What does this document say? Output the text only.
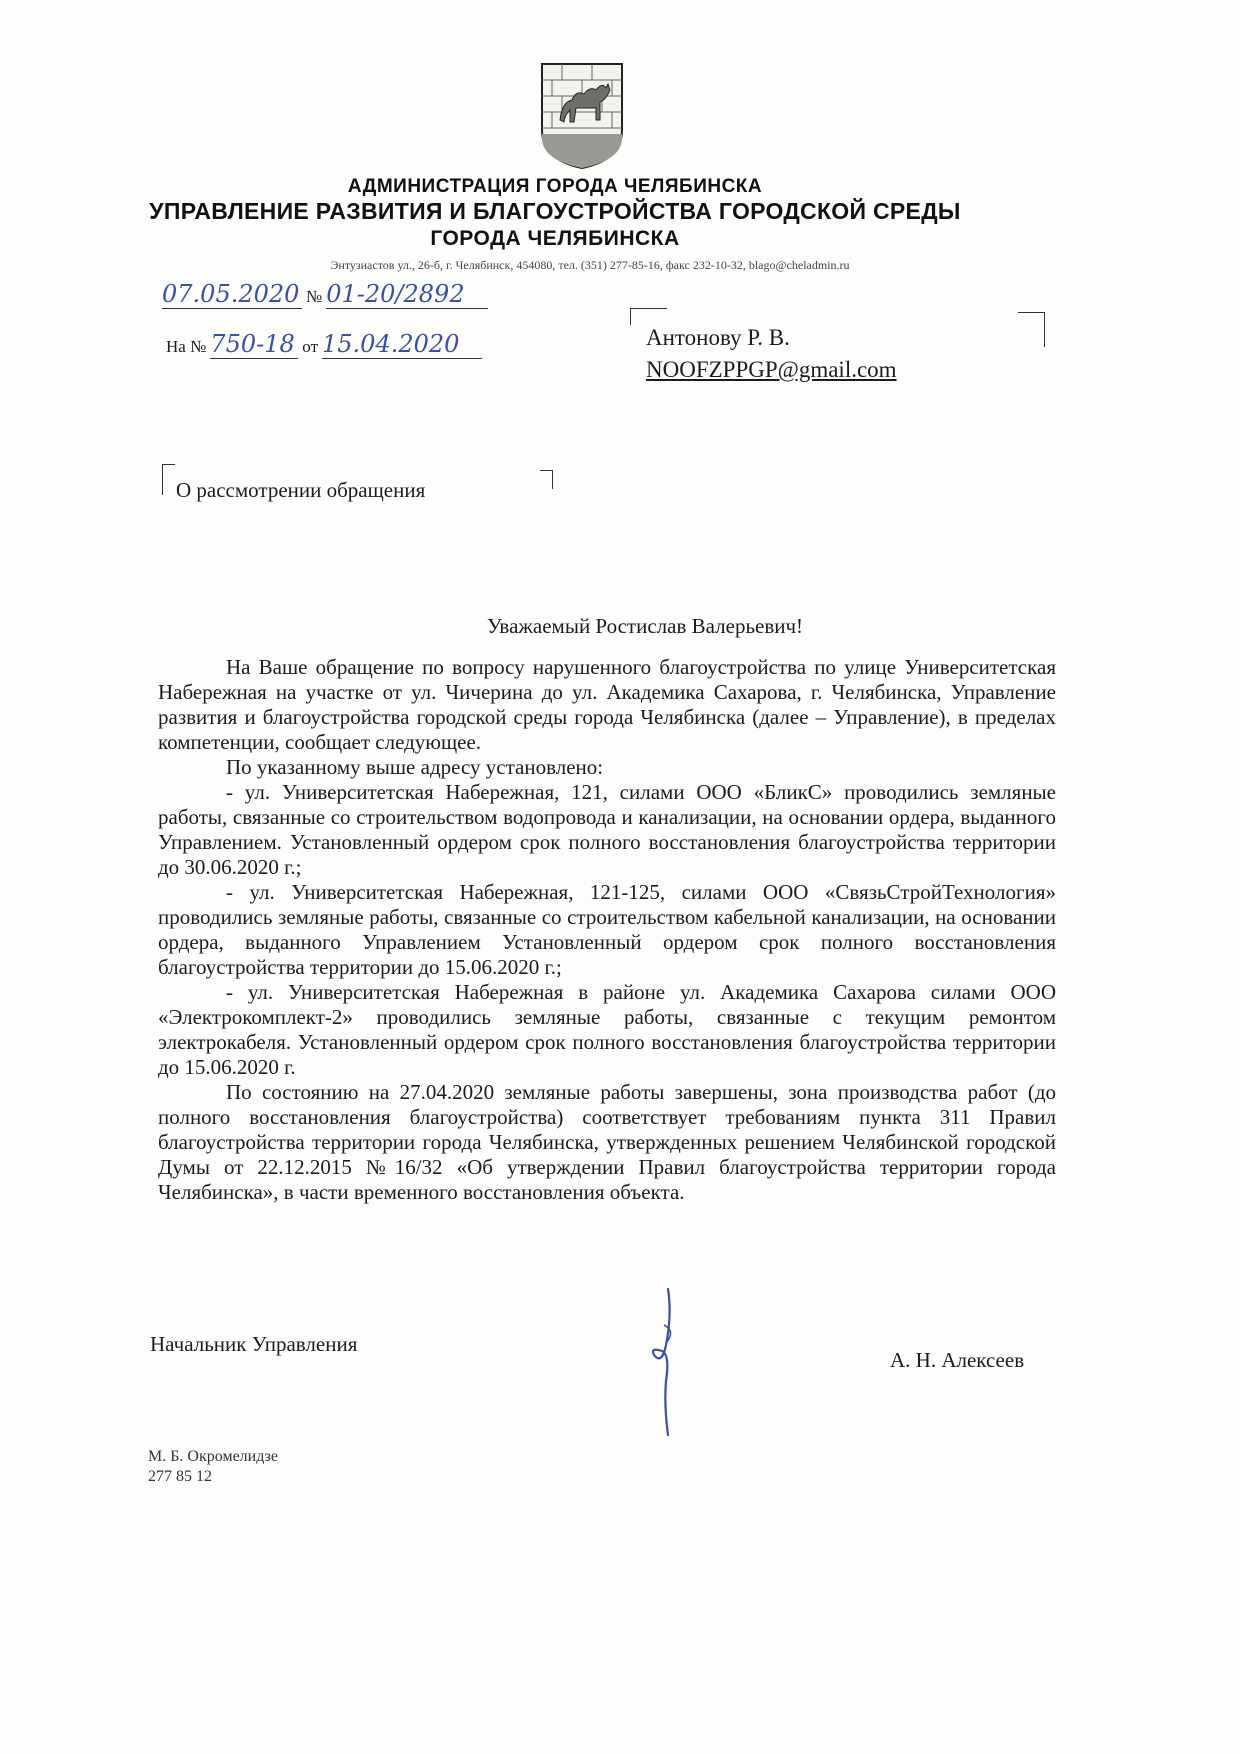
АДМИНИСТРАЦИЯ ГОРОДА ЧЕЛЯБИНСКА
УПРАВЛЕНИЕ РАЗВИТИЯ И БЛАГОУСТРОЙСТВА ГОРОДСКОЙ СРЕДЫ
ГОРОДА ЧЕЛЯБИНСКА
Энтузиастов ул., 26-б, г. Челябинск, 454080, тел. (351) 277-85-16, факс 232-10-32, blago@cheladmin.ru
07.05.2020 № 01-20/2892
На № 750-18 от 15.04.2020	Антонову Р. В.
NOOFZPPGP@gmail.com
О рассмотрении обращения
Уважаемый Ростислав Валерьевич!

На Ваше обращение по вопросу нарушенного благоустройства по улице Университетская Набережная на участке от ул. Чичерина до ул. Академика Сахарова, г. Челябинска, Управление развития и благоустройства городской среды города Челябинска (далее – Управление), в пределах компетенции, сообщает следующее.

По указанному выше адресу установлено:

- ул. Университетская Набережная, 121, силами ООО «БликС» проводились земляные работы, связанные со строительством водопровода и канализации, на основании ордера, выданного Управлением. Установленный ордером срок полного восстановления благоустройства территории до 30.06.2020 г.;

- ул. Университетская Набережная, 121-125, силами ООО «СвязьСтройТехнология» проводились земляные работы, связанные со строительством кабельной канализации, на основании ордера, выданного Управлением Установленный ордером срок полного восстановления благоустройства территории до 15.06.2020 г.;

- ул. Университетская Набережная в районе ул. Академика Сахарова силами ООО «Электрокомплект-2» проводились земляные работы, связанные с текущим ремонтом электрокабеля. Установленный ордером срок полного восстановления благоустройства территории до 15.06.2020 г.

По состоянию на 27.04.2020 земляные работы завершены, зона производства работ (до полного восстановления благоустройства) соответствует требованиям пункта 311 Правил благоустройства территории города Челябинска, утвержденных решением Челябинской городской Думы от 22.12.2015 №16/32 «Об утверждении Правил благоустройства территории города Челябинска», в части временного восстановления объекта.

Начальник Управления
А. Н. Алексеев
М. Б. Окромелидзе
277 85 12
